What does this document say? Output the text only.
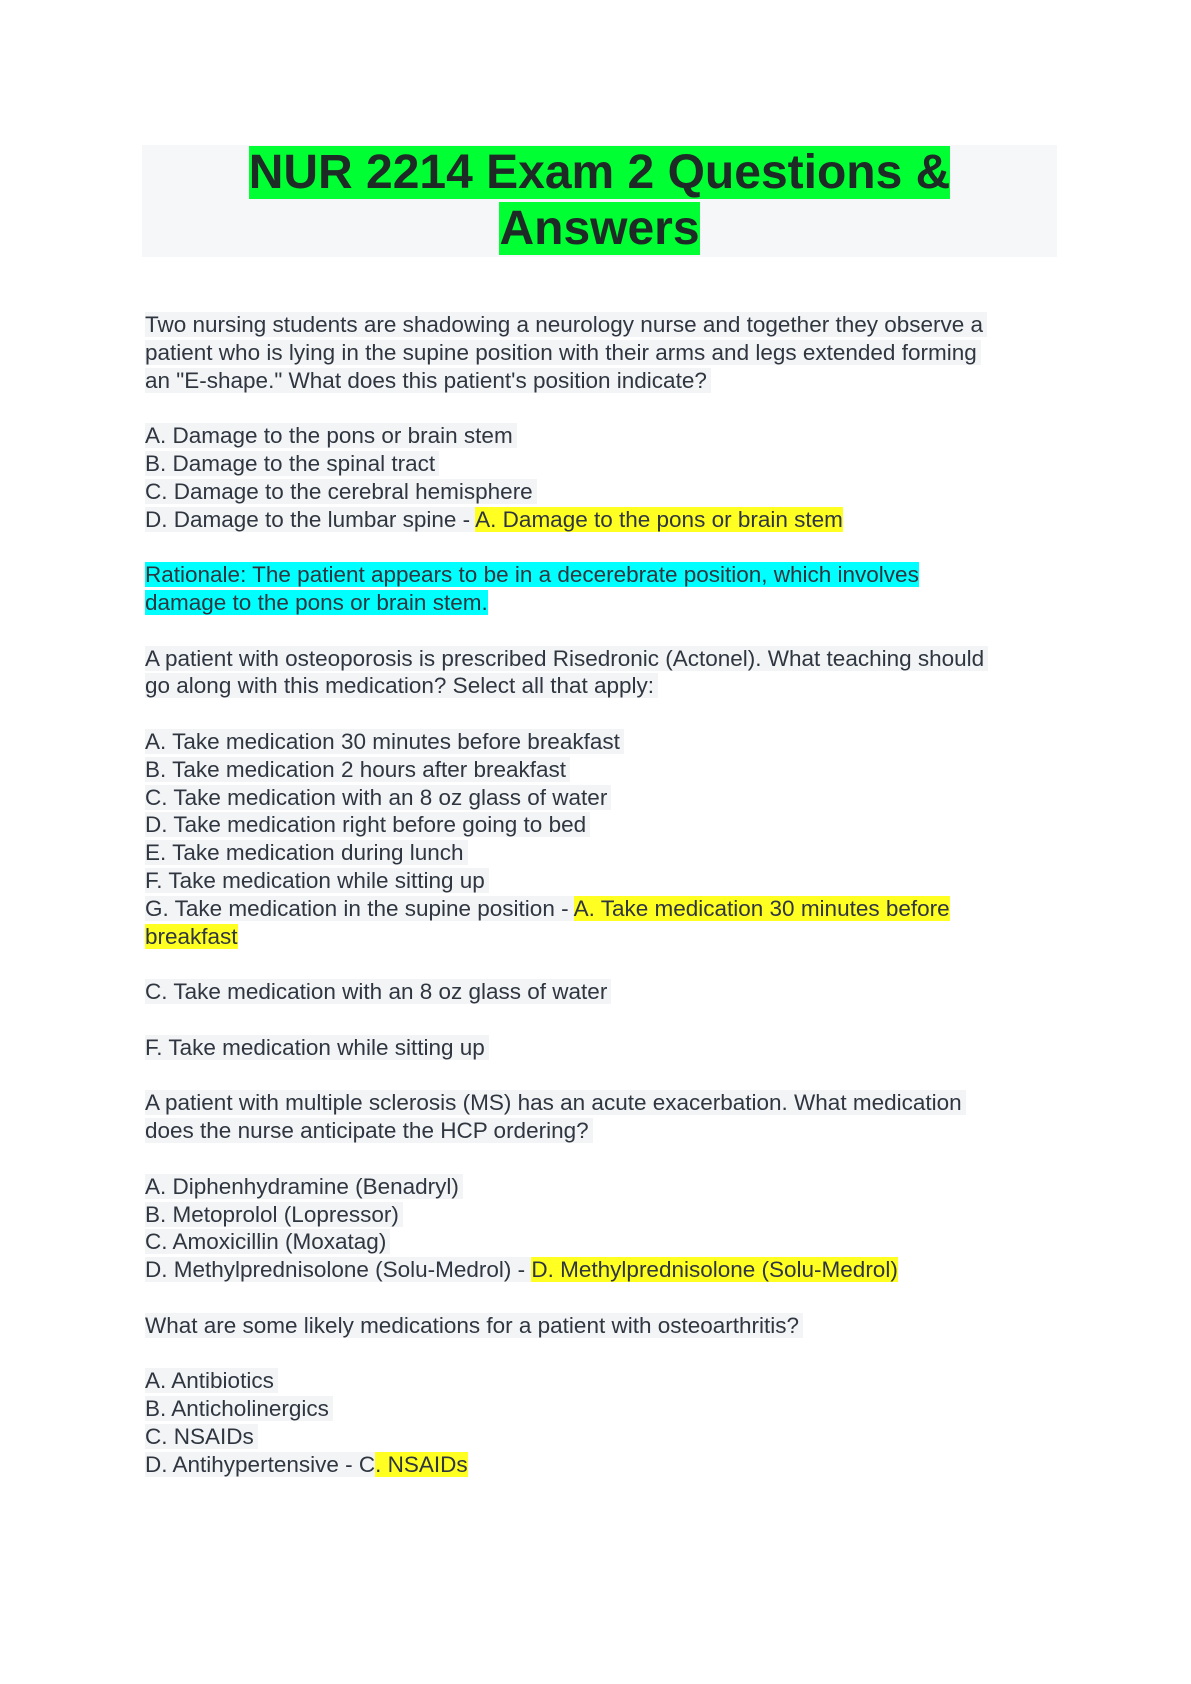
NUR 2214 Exam 2 Questions &
Answers
Two nursing students are shadowing a neurology nurse and together they observe a
patient who is lying in the supine position with their arms and legs extended forming
an "E-shape." What does this patient's position indicate?
A. Damage to the pons or brain stem
B. Damage to the spinal tract
C. Damage to the cerebral hemisphere
D. Damage to the lumbar spine - A. Damage to the pons or brain stem
Rationale: The patient appears to be in a decerebrate position, which involves
damage to the pons or brain stem.
A patient with osteoporosis is prescribed Risedronic (Actonel). What teaching should
go along with this medication? Select all that apply:
A. Take medication 30 minutes before breakfast
B. Take medication 2 hours after breakfast
C. Take medication with an 8 oz glass of water
D. Take medication right before going to bed
E. Take medication during lunch
F. Take medication while sitting up
G. Take medication in the supine position - A. Take medication 30 minutes before
breakfast
C. Take medication with an 8 oz glass of water
F. Take medication while sitting up
A patient with multiple sclerosis (MS) has an acute exacerbation. What medication
does the nurse anticipate the HCP ordering?
A. Diphenhydramine (Benadryl)
B. Metoprolol (Lopressor)
C. Amoxicillin (Moxatag)
D. Methylprednisolone (Solu-Medrol) - D. Methylprednisolone (Solu-Medrol)
What are some likely medications for a patient with osteoarthritis?
A. Antibiotics
B. Anticholinergics
C. NSAIDs
D. Antihypertensive - C. NSAIDs
